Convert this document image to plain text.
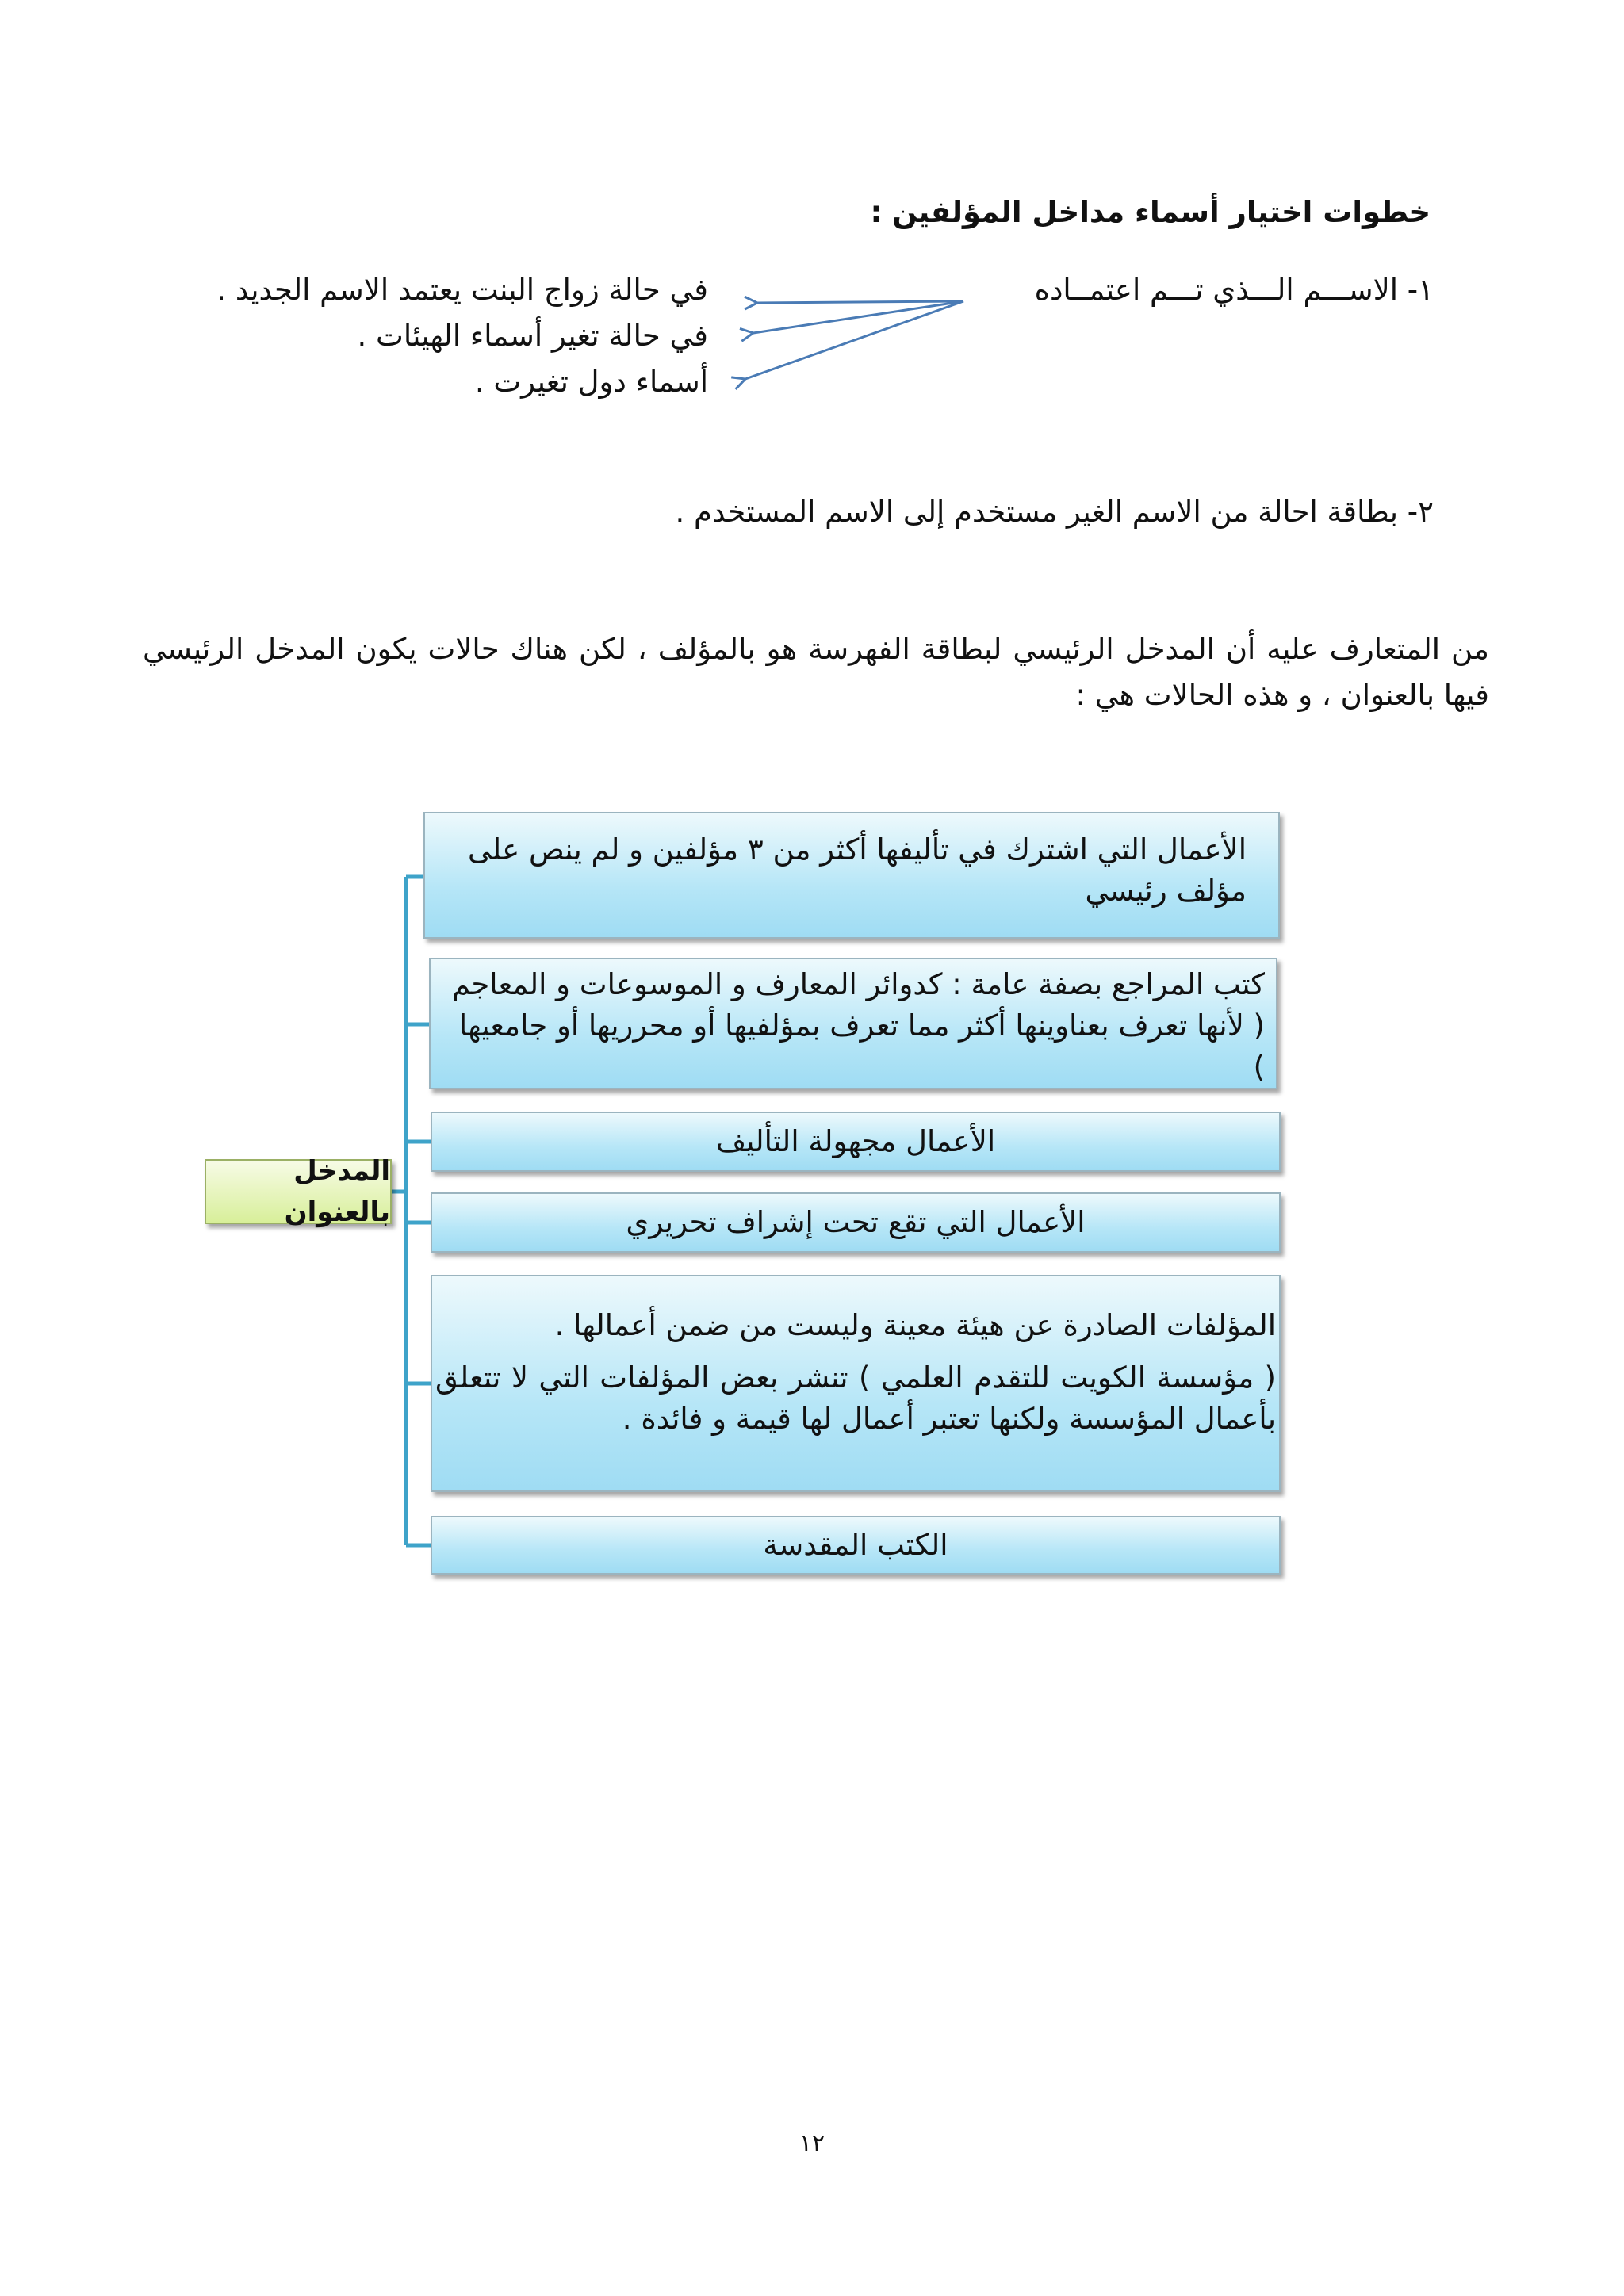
خطوات اختيار أسماء مداخل المؤلفين :
١- الاســـم الـــذي تـــم اعتمــاده
في حالة زواج البنت يعتمد الاسم الجديد .
في حالة تغير أسماء الهيئات .
أسماء دول تغيرت .
٢- بطاقة احالة من الاسم الغير مستخدم إلى الاسم المستخدم .
من المتعارف عليه أن المدخل الرئيسي لبطاقة الفهرسة هو بالمؤلف ، لكن هناك حالات يكون المدخل الرئيسي فيها بالعنوان ، و هذه الحالات هي :
المدخل بالعنوان
الأعمال التي اشترك في تأليفها أكثر من ٣ مؤلفين و لم ينص على مؤلف رئيسي
كتب المراجع بصفة عامة : كدوائر المعارف و الموسوعات و المعاجم ( لأنها تعرف بعناوينها أكثر مما تعرف بمؤلفيها أو محرريها أو جامعيها )
الأعمال مجهولة التأليف
الأعمال التي تقع تحت إشراف تحريري
المؤلفات الصادرة عن هيئة معينة وليست من ضمن أعمالها .
( مؤسسة الكويت للتقدم العلمي ) تنشر بعض المؤلفات التي لا تتعلق بأعمال المؤسسة ولكنها تعتبر أعمال لها قيمة و فائدة .
الكتب المقدسة
١٢
